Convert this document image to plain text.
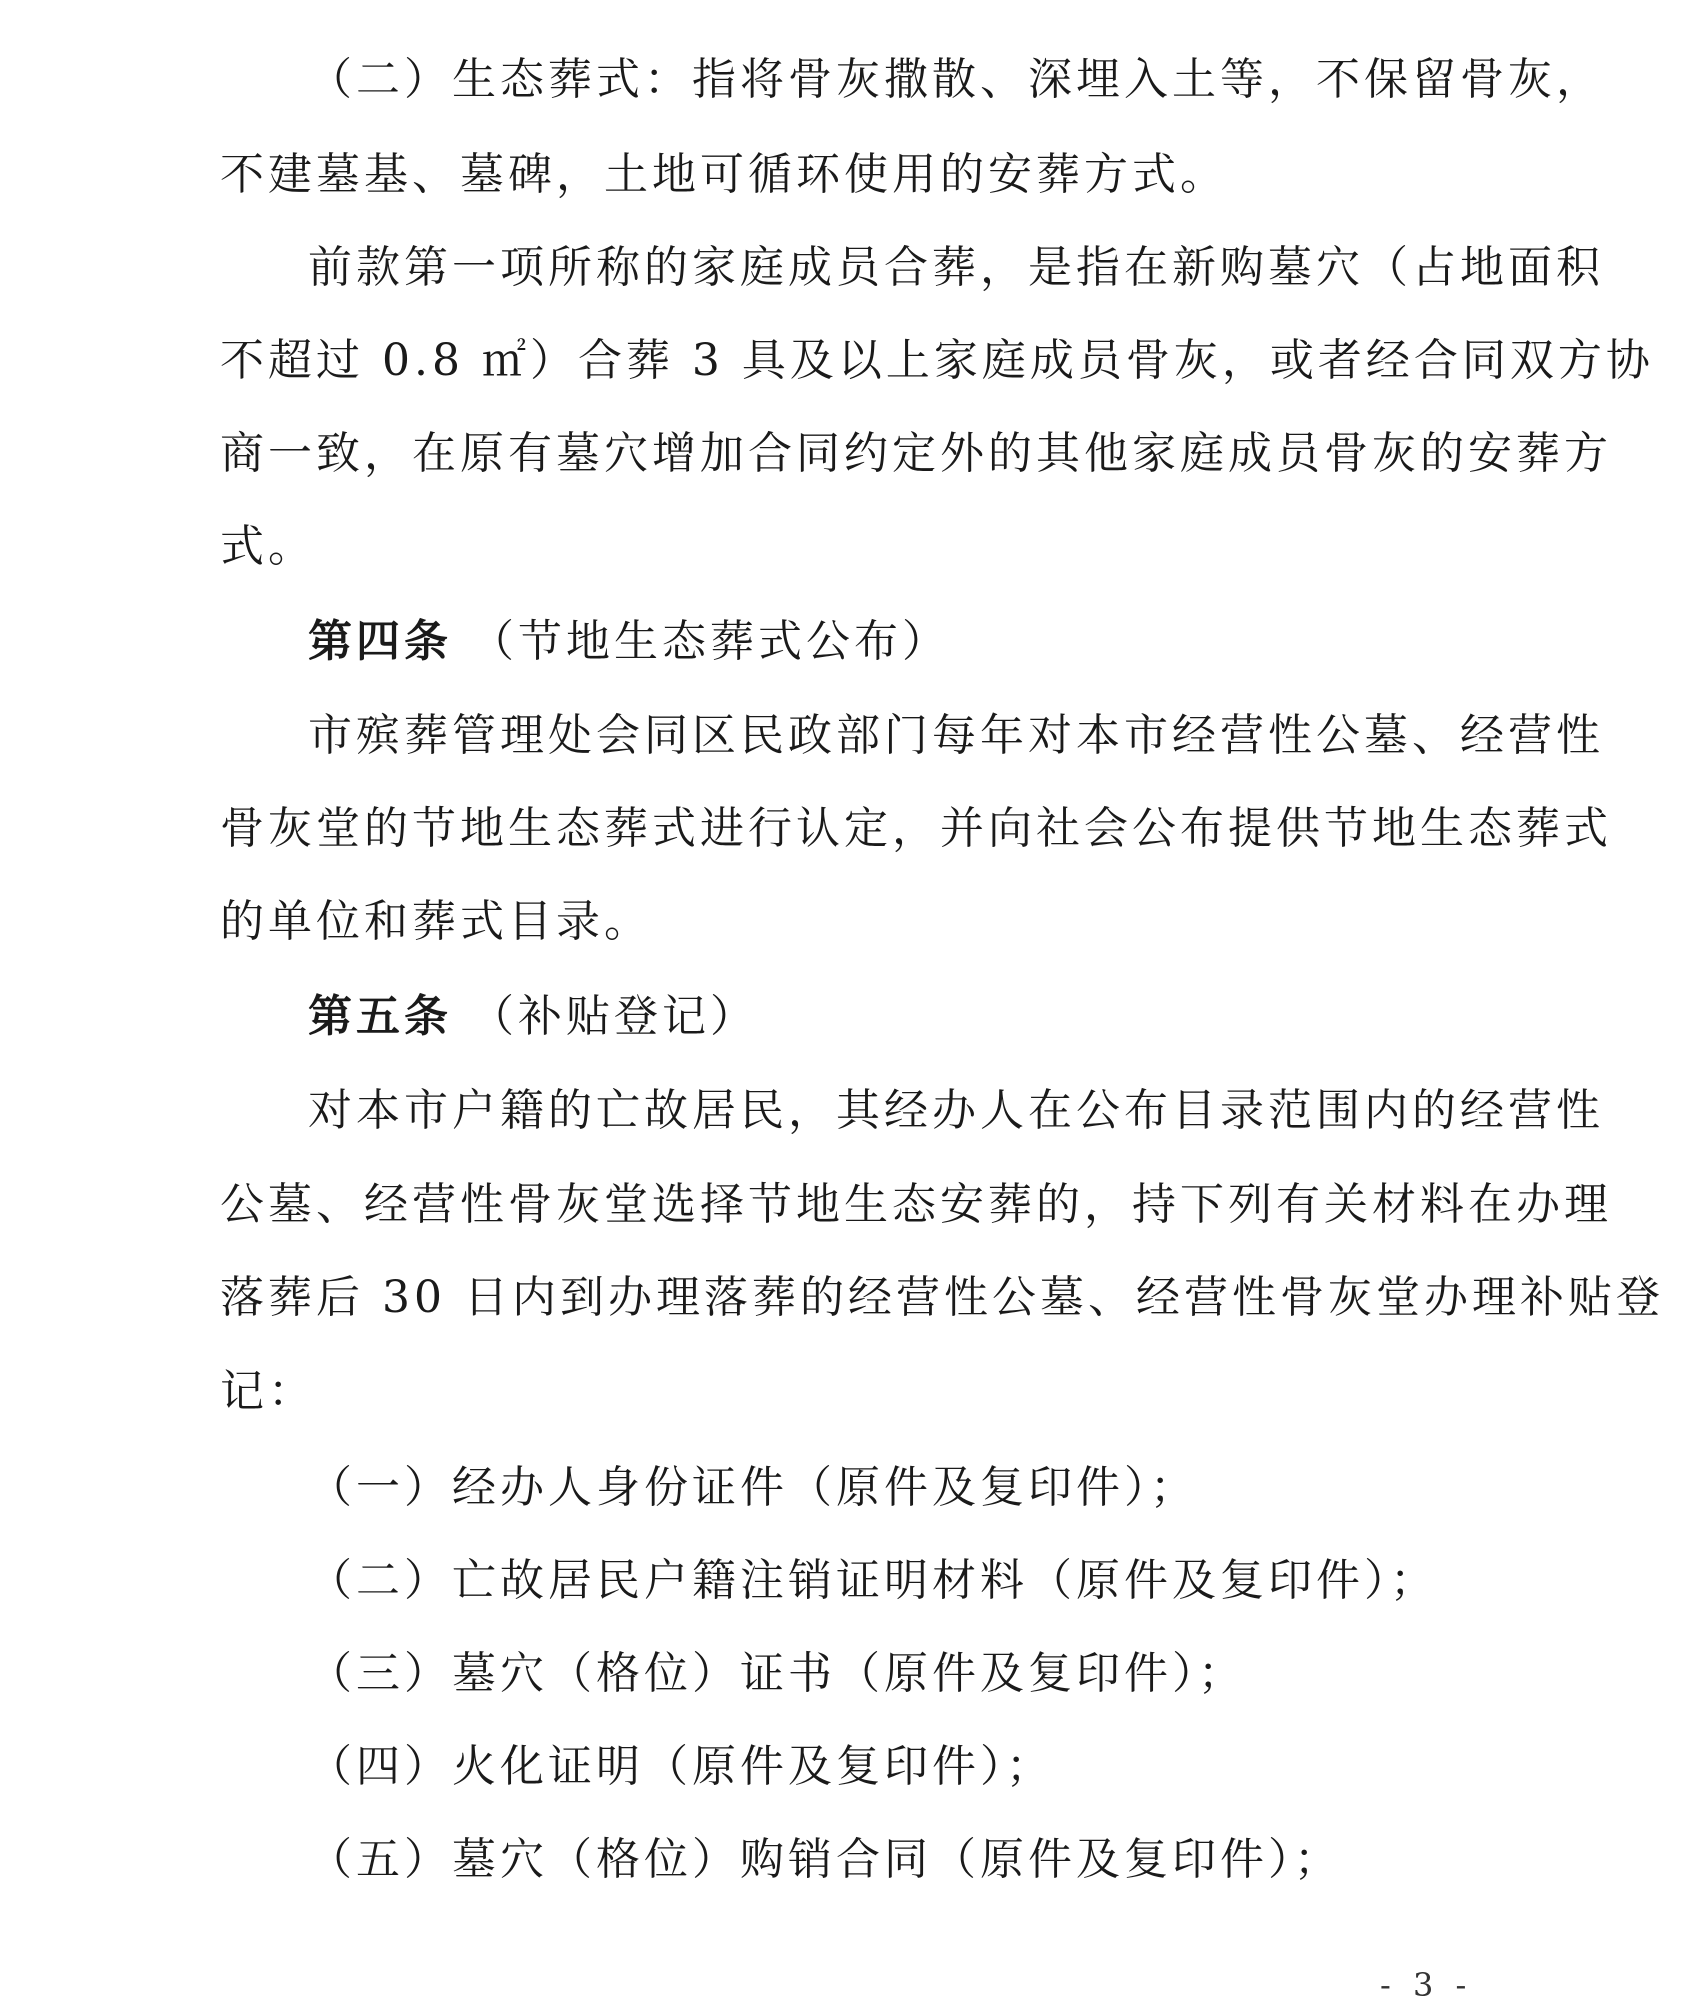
（二）生态葬式：指将骨灰撒散、深埋入土等，不保留骨灰，
不建墓基、墓碑，土地可循环使用的安葬方式。
前款第一项所称的家庭成员合葬，是指在新购墓穴（占地面积
不超过 0.8 ㎡）合葬 3 具及以上家庭成员骨灰，或者经合同双方协
商一致，在原有墓穴增加合同约定外的其他家庭成员骨灰的安葬方
式。
第四条 （节地生态葬式公布）
市殡葬管理处会同区民政部门每年对本市经营性公墓、经营性
骨灰堂的节地生态葬式进行认定，并向社会公布提供节地生态葬式
的单位和葬式目录。
第五条 （补贴登记）
对本市户籍的亡故居民，其经办人在公布目录范围内的经营性
公墓、经营性骨灰堂选择节地生态安葬的，持下列有关材料在办理
落葬后 30 日内到办理落葬的经营性公墓、经营性骨灰堂办理补贴登
记：
（一）经办人身份证件（原件及复印件）；
（二）亡故居民户籍注销证明材料（原件及复印件）；
（三）墓穴（格位）证书（原件及复印件）；
（四）火化证明（原件及复印件）；
（五）墓穴（格位）购销合同（原件及复印件）；
- 3 -
